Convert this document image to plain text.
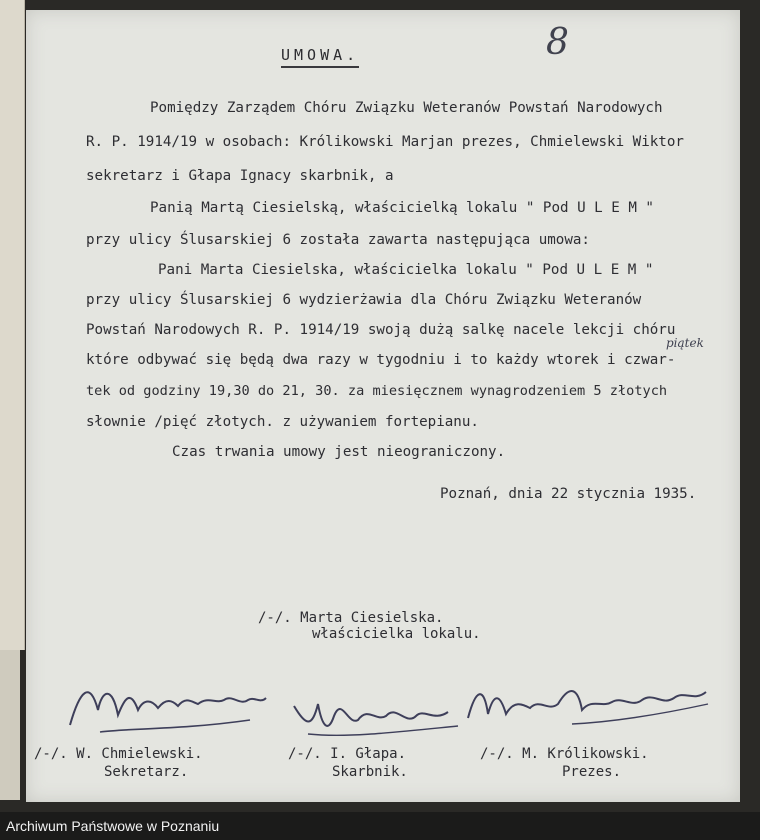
UMOWA.	8
Pomiędzy Zarządem Chóru Związku Weteranów Powstań Narodowych
R. P. 1914/19 w osobach: Królikowski Marjan prezes, Chmielewski Wiktor
sekretarz i Głapa Ignacy skarbnik, a
Panią Martą Ciesielską, właścicielką lokalu " Pod U L E M "
przy ulicy Ślusarskiej 6 została zawarta następująca umowa:
Pani Marta Ciesielska, właścicielka lokalu " Pod U L E M "
przy ulicy Ślusarskiej 6 wydzierżawia dla Chóru Związku Weteranów
Powstań Narodowych R. P. 1914/19 swoją dużą salkę nacele lekcji chóru
które odbywać się będą dwa razy w tygodniu i to każdy wtorek i czwar-
tek od godziny 19,30 do 21, 30. za miesięcznem wynagrodzeniem 5 złotych
słownie /pięć złotych. z używaniem fortepianu.
Czas trwania umowy jest nieograniczony.
piątek
Poznań, dnia 22 stycznia 1935.
/-/. Marta Ciesielska.
właścicielka lokalu.
/-/. W. Chmielewski.
Sekretarz.
/-/. I. Głapa.
Skarbnik.
/-/. M. Królikowski.
Prezes.
Archiwum Państwowe w Poznaniu
